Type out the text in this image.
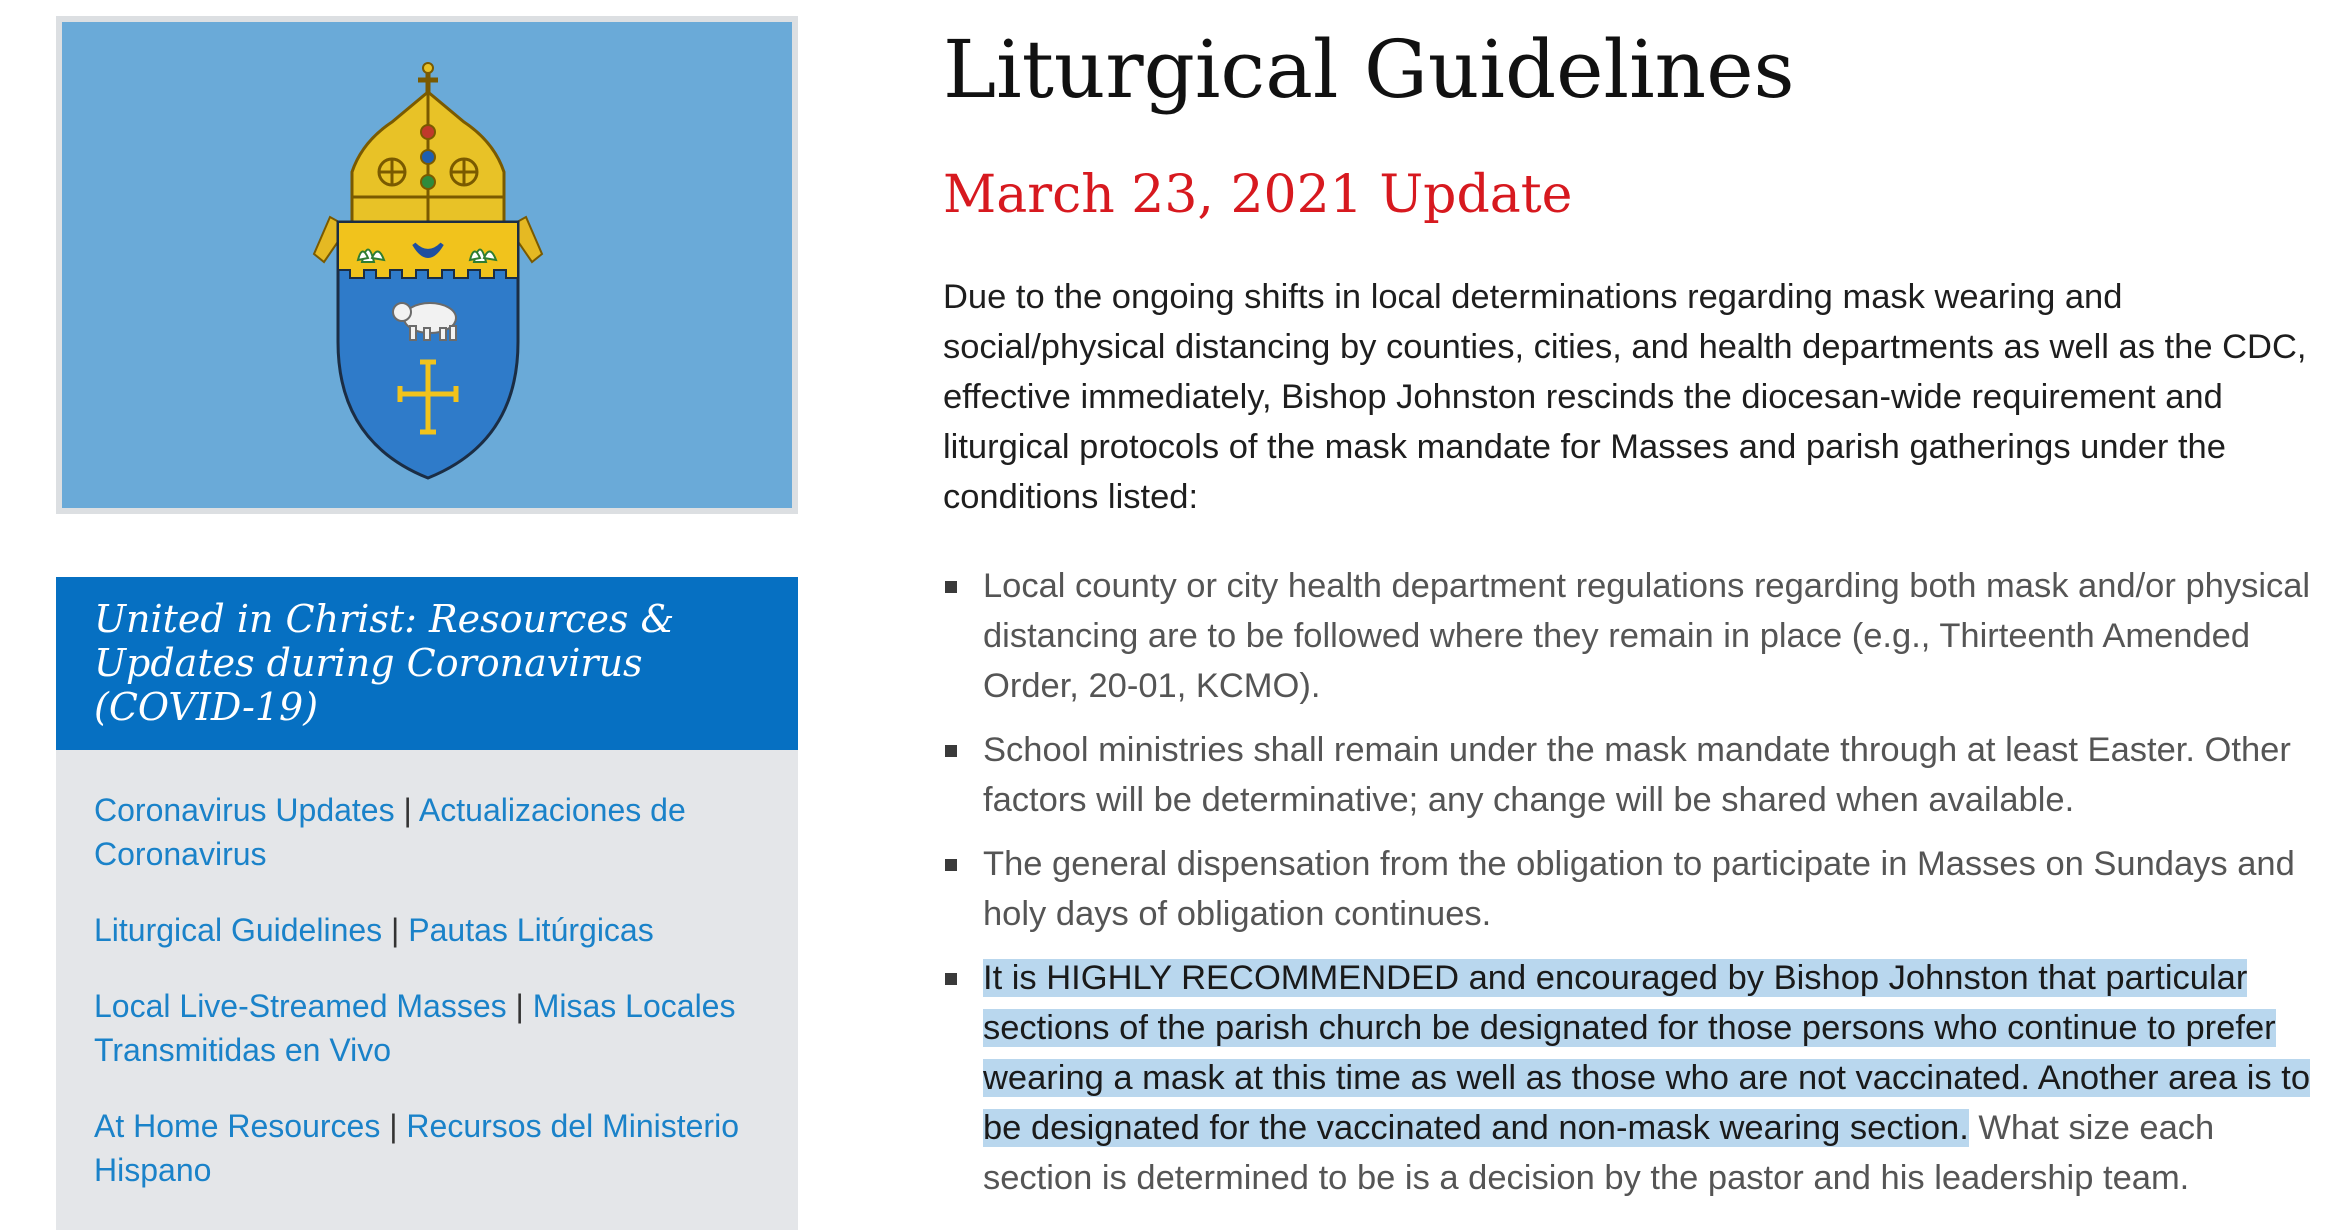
United in Christ: Resources & Updates during Coronavirus (COVID-19)
Coronavirus Updates | Actualizaciones de Coronavirus
Liturgical Guidelines | Pautas Litúrgicas
Local Live-Streamed Masses | Misas Locales Transmitidas en Vivo
At Home Resources | Recursos del Ministerio Hispano
Liturgical Guidelines
March 23, 2021 Update

Due to the ongoing shifts in local determinations regarding mask wearing and social/physical distancing by counties, cities, and health departments as well as the CDC, effective immediately, Bishop Johnston rescinds the diocesan-wide requirement and liturgical protocols of the mask mandate for Masses and parish gatherings under the conditions listed:

Local county or city health department regulations regarding both mask and/or physical distancing are to be followed where they remain in place (e.g., Thirteenth Amended Order, 20-01, KCMO).
School ministries shall remain under the mask mandate through at least Easter. Other factors will be determinative; any change will be shared when available.
The general dispensation from the obligation to participate in Masses on Sundays and holy days of obligation continues.
It is HIGHLY RECOMMENDED and encouraged by Bishop Johnston that particular sections of the parish church be designated for those persons who continue to prefer wearing a mask at this time as well as those who are not vaccinated. Another area is to be designated for the vaccinated and non-mask wearing section. What size each section is determined to be is a decision by the pastor and his leadership team.
